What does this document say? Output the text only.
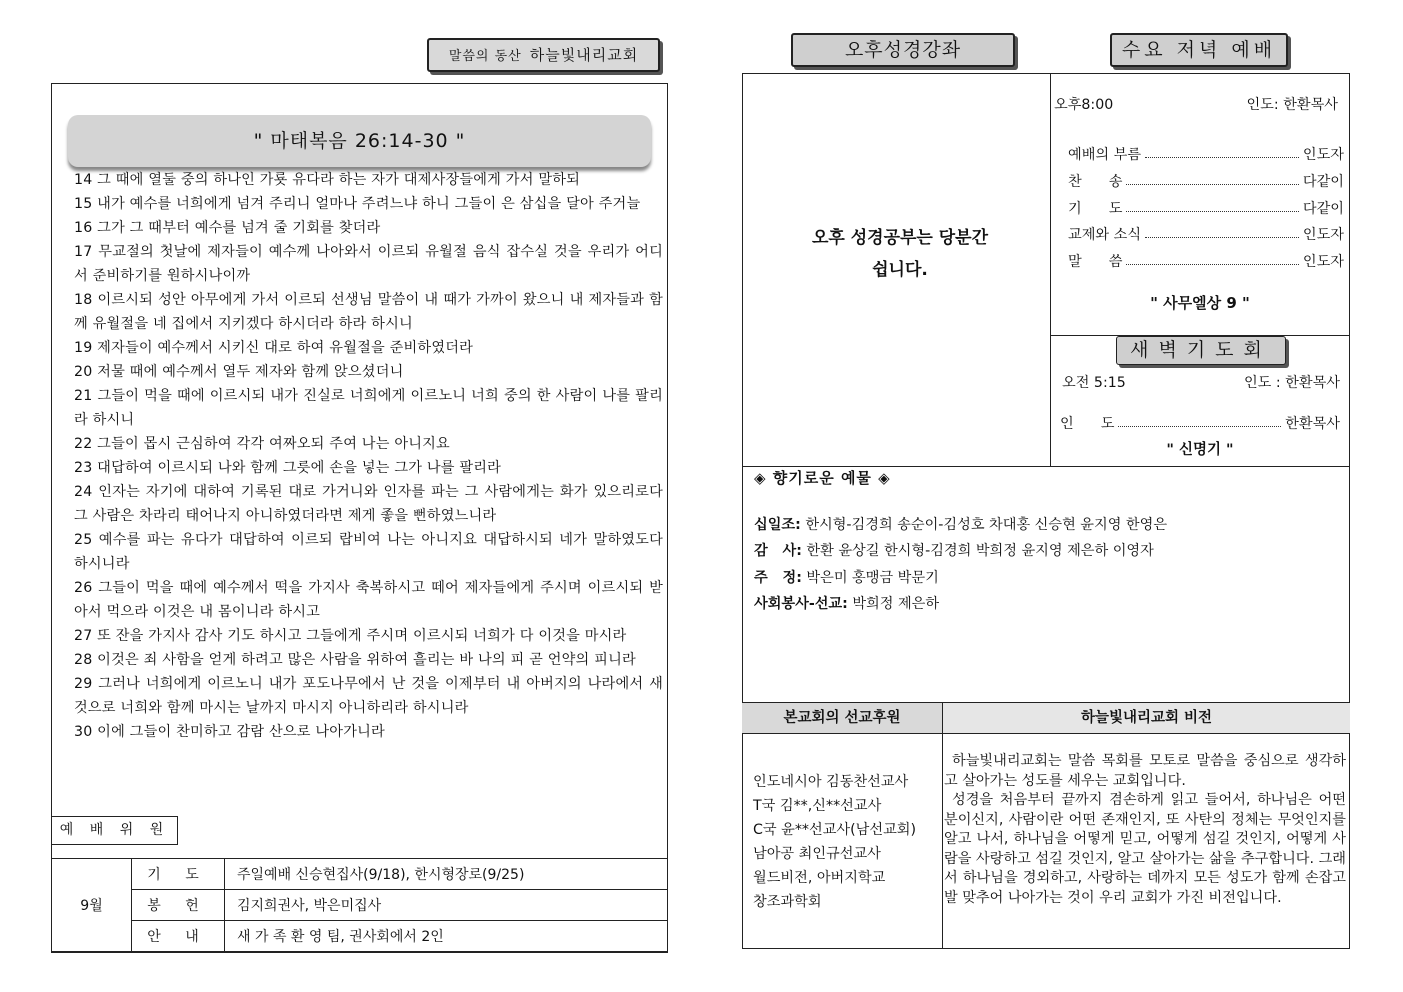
말씀의 동산 하늘빛내리교회
" 마태복음 26:14-30 "

14 그 때에 열둘 중의 하나인 가룟 유다라 하는 자가 대제사장들에게 가서 말하되

15 내가 예수를 너희에게 넘겨 주리니 얼마나 주려느냐 하니 그들이 은 삼십을 달아 주거늘

16 그가 그 때부터 예수를 넘겨 줄 기회를 찾더라

17 무교절의 첫날에 제자들이 예수께 나아와서 이르되 유월절 음식 잡수실 것을 우리가 어디서 준비하기를 원하시나이까

18 이르시되 성안 아무에게 가서 이르되 선생님 말씀이 내 때가 가까이 왔으니 내 제자들과 함께 유월절을 네 집에서 지키겠다 하시더라 하라 하시니

19 제자들이 예수께서 시키신 대로 하여 유월절을 준비하였더라

20 저물 때에 예수께서 열두 제자와 함께 앉으셨더니

21 그들이 먹을 때에 이르시되 내가 진실로 너희에게 이르노니 너희 중의 한 사람이 나를 팔리라 하시니

22 그들이 몹시 근심하여 각각 여짜오되 주여 나는 아니지요

23 대답하여 이르시되 나와 함께 그릇에 손을 넣는 그가 나를 팔리라

24 인자는 자기에 대하여 기록된 대로 가거니와 인자를 파는 그 사람에게는 화가 있으리로다 그 사람은 차라리 태어나지 아니하였더라면 제게 좋을 뻔하였느니라

25 예수를 파는 유다가 대답하여 이르되 랍비여 나는 아니지요 대답하시되 네가 말하였도다 하시니라

26 그들이 먹을 때에 예수께서 떡을 가지사 축복하시고 떼어 제자들에게 주시며 이르시되 받아서 먹으라 이것은 내 몸이니라 하시고

27 또 잔을 가지사 감사 기도 하시고 그들에게 주시며 이르시되 너희가 다 이것을 마시라

28 이것은 죄 사함을 얻게 하려고 많은 사람을 위하여 흘리는 바 나의 피 곧 언약의 피니라

29 그러나 너희에게 이르노니 내가 포도나무에서 난 것을 이제부터 내 아버지의 나라에서 새것으로 너희와 함께 마시는 날까지 마시지 아니하리라 하시니라

30 이에 그들이 찬미하고 감람 산으로 나아가니라

예 배 위 원
9월	기 도	주일예배 신승현집사(9/18), 한시형장로(9/25)
	봉 헌	김지희권사, 박은미집사
	안 내	새 가 족 환 영 팀, 권사회에서 2인
오후성경강좌	수요 저녁 예배
오후 성경공부는 당분간
쉽니다.
오후8:00	인도: 한환목사
예배의 부름	인도자
찬      송	다같이
기      도	다같이
교제와 소식	인도자
말      씀	인도자
" 사무엘상 9 "
새벽기도회
오전 5:15	인도 : 한환목사
인      도	한환목사
" 신명기 "
◈ 향기로운 예물 ◈
십일조: 한시형-김경희 송순이-김성호 차대홍 신승현 윤지영 한영은
감   사: 한환 윤상길 한시형-김경희 박희정 윤지영 제은하 이영자
주   정: 박은미 홍맹금 박문기
사회봉사-선교: 박희정 제은하
본교회의 선교후원	하늘빛내리교회 비전
인도네시아 김동찬선교사
T국 김**,신**선교사
C국 윤**선교사(남선교회)
남아공 최인규선교사
월드비전, 아버지학교
창조과학회

하늘빛내리교회는 말씀 목회를 모토로 말씀을 중심으로 생각하고 살아가는 성도를 세우는 교회입니다.

성경을 처음부터 끝까지 겸손하게 읽고 들어서, 하나님은 어떤 분이신지, 사람이란 어떤 존재인지, 또 사탄의 정체는 무엇인지를 알고 나서, 하나님을 어떻게 믿고, 어떻게 섬길 것인지, 어떻게 사람을 사랑하고 섬길 것인지, 알고 살아가는 삶을 추구합니다. 그래서 하나님을 경외하고, 사랑하는 데까지 모든 성도가 함께 손잡고 발 맞추어 나아가는 것이 우리 교회가 가진 비전입니다.
